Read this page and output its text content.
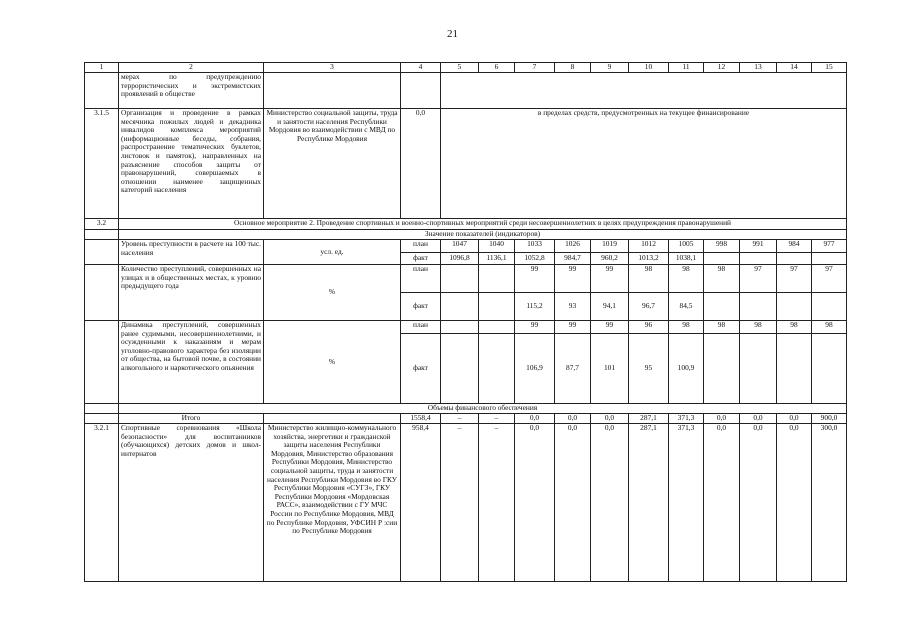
21
1	2	3	4	5	6	7	8	9	10	11	12	13	14	15
	мерах по предупреждению террористических и экстремистских проявлений в обществе													
3.1.5	Организация и проведение в рамках месячника пожилых людей и декадника инвалидов комплекса мероприятий (информационные беседы, собрания, распространение тематических буклетов, листовок и памяток), направленных на разъяснение способов защиты от правонарушений, совершаемых в отношении наименее защищенных категорий населения	Министерство социальной защиты, труда и занятости населения Республики Мордовия во взаимодействии с МВД по Республике Мордовия	0,0	в пределах средств, предусмотренных на текущее финансирование										
3.2	Основное мероприятие 2. Проведение спортивных и военно-спортивных мероприятий среди несовершеннолетних в целях предупреждения правонарушений													
	Значение показателей (индикаторов)													
	Уровень преступности в расчете на 100 тыс. населения	усл. ед.	план	1047	1040	1033	1026	1019	1012	1005	998	991	984	977
			факт	1096,8	1136,1	1052,8	984,7	960,2	1013,2	1038,1				
	Количество преступлений, совершенных на улицах и в общественных местах, к уровню предыдущего года	%	план			99	99	99	98	98	98	97	97	97
			факт			115,2	93	94,1	96,7	84,5				
	Динамика преступлений, совершенных ранее судимыми, несовершеннолетними, и осужденными к наказаниям и мерам уголовно-правового характера без изоляции от общества, на бытовой почве, в состоянии алкогольного и наркотического опьянения	%	план			99	99	99	96	98	98	98	98	98
			факт			106,9	87,7	101	95	100,9				
	Объемы финансового обеспечения													
	Итого		1558,4	–	–	0,0	0,0	0,0	287,1	371,3	0,0	0,0	0,0	900,0
3.2.1	Спортивные соревнования «Школа безопасности» для воспитанников (обучающихся) детских домов и школ-интернатов	Министерство жилищно-коммунального хозяйства, энергетики и гражданской защиты населения Республики Мордовия, Министерство образования Республики Мордовия, Министерство социальной защиты, труда и занятости населения Республики Мордовия во ГКУ Республики Мордовия «СУГЗ», ГКУ Республики Мордовия «Мордовская РАСС», взаимодействии с ГУ МЧС России по Республике Мордовия, МВД по Республике Мордовия, УФСИН Р :сии по Республике Мордовия	958,4	–	–	0,0	0,0	0,0	287,1	371,3	0,0	0,0	0,0	300,0
